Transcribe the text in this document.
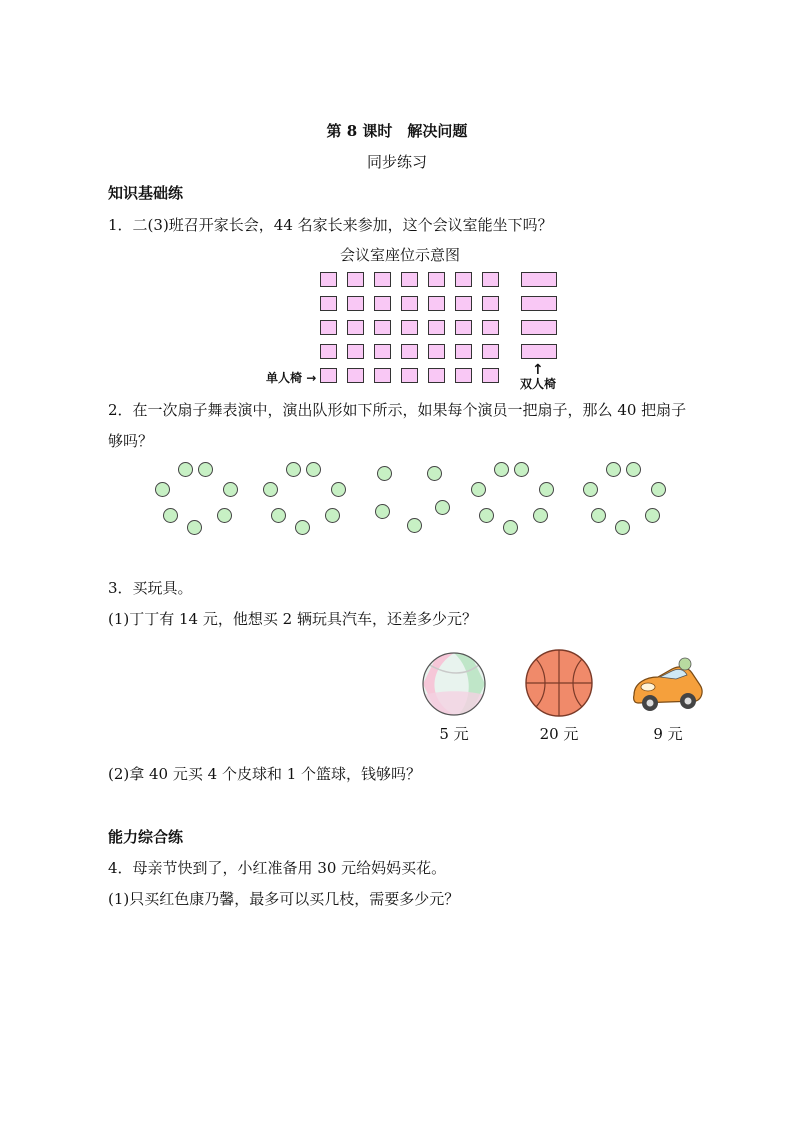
第 8 课时　解决问题
同步练习
知识基础练
1．二(3)班召开家长会，44 名家长来参加，这个会议室能坐下吗？
会议室座位示意图
单人椅 →	↑
双人椅
2．在一次扇子舞表演中，演出队形如下所示，如果每个演员一把扇子，那么 40 把扇子
够吗？
3．买玩具。
(1)丁丁有 14 元，他想买 2 辆玩具汽车，还差多少元？
5 元	20 元	9 元
(2)拿 40 元买 4 个皮球和 1 个篮球，钱够吗？
能力综合练
4．母亲节快到了，小红准备用 30 元给妈妈买花。
(1)只买红色康乃馨，最多可以买几枝，需要多少元？
